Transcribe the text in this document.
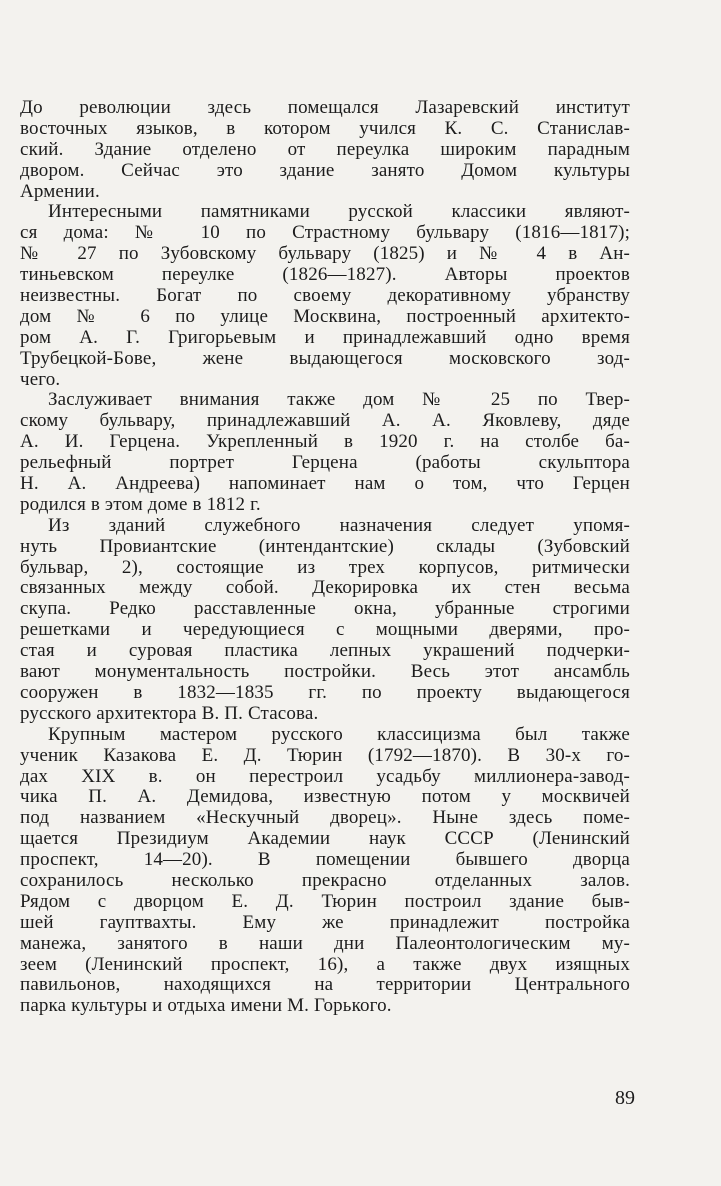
До революции здесь помещался Лазаревский институт
восточных языков, в котором учился К. С. Станислав-
ский. Здание отделено от переулка широким парадным
двором. Сейчас это здание занято Домом культуры
Армении.
Интересными памятниками русской классики являют-
ся дома: № 10 по Страстному бульвару (1816—1817);
№ 27 по Зубовскому бульвару (1825) и № 4 в Ан-
тиньевском переулке (1826—1827). Авторы проектов
неизвестны. Богат по своему декоративному убранству
дом № 6 по улице Москвина, построенный архитекто-
ром А. Г. Григорьевым и принадлежавший одно время
Трубецкой-Бове, жене выдающегося московского зод-
чего.
Заслуживает внимания также дом № 25 по Твер-
скому бульвару, принадлежавший А. А. Яковлеву, дяде
А. И. Герцена. Укрепленный в 1920 г. на столбе ба-
рельефный портрет Герцена (работы скульптора
Н. А. Андреева) напоминает нам о том, что Герцен
родился в этом доме в 1812 г.
Из зданий служебного назначения следует упомя-
нуть Провиантские (интендантские) склады (Зубовский
бульвар, 2), состоящие из трех корпусов, ритмически
связанных между собой. Декорировка их стен весьма
скупа. Редко расставленные окна, убранные строгими
решетками и чередующиеся с мощными дверями, про-
стая и суровая пластика лепных украшений подчерки-
вают монументальность постройки. Весь этот ансамбль
сооружен в 1832—1835 гг. по проекту выдающегося
русского архитектора В. П. Стасова.
Крупным мастером русского классицизма был также
ученик Казакова Е. Д. Тюрин (1792—1870). В 30-х го-
дах XIX в. он перестроил усадьбу миллионера-завод-
чика П. А. Демидова, известную потом у москвичей
под названием «Нескучный дворец». Ныне здесь поме-
щается Президиум Академии наук СССР (Ленинский
проспект, 14—20). В помещении бывшего дворца
сохранилось несколько прекрасно отделанных залов.
Рядом с дворцом Е. Д. Тюрин построил здание быв-
шей гауптвахты. Ему же принадлежит постройка
манежа, занятого в наши дни Палеонтологическим му-
зеем (Ленинский проспект, 16), а также двух изящных
павильонов, находящихся на территории Центрального
парка культуры и отдыха имени М. Горького.
89
